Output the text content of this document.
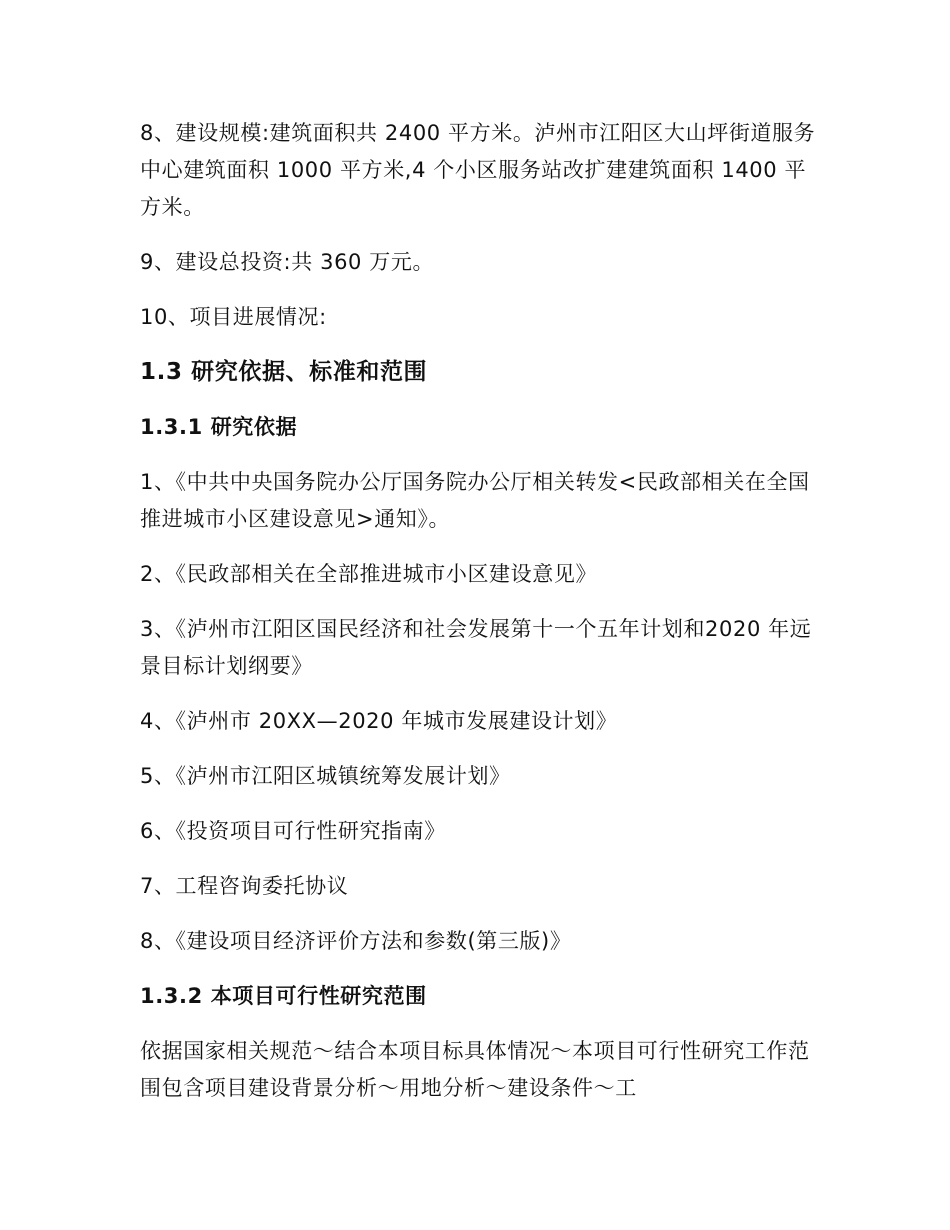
8、建设规模:建筑面积共 2400 平方米。泸州市江阳区大山坪街道服务中心建筑面积 1000 平方米,4 个小区服务站改扩建建筑面积 1400 平方米。

9、建设总投资:共 360 万元。

10、项目进展情况:

1.3 研究依据、标准和范围
1.3.1 研究依据

1、《中共中央国务院办公厅国务院办公厅相关转发<民政部相关在全国推进城市小区建设意见>通知》。

2、《民政部相关在全部推进城市小区建设意见》

3、《泸州市江阳区国民经济和社会发展第十一个五年计划和2020 年远景目标计划纲要》

4、《泸州市 20XX—2020 年城市发展建设计划》

5、《泸州市江阳区城镇统筹发展计划》

6、《投资项目可行性研究指南》

7、工程咨询委托协议

8、《建设项目经济评价方法和参数(第三版)》

1.3.2 本项目可行性研究范围

依据国家相关规范～结合本项目标具体情况～本项目可行性研究工作范围包含项目建设背景分析～用地分析～建设条件～工
